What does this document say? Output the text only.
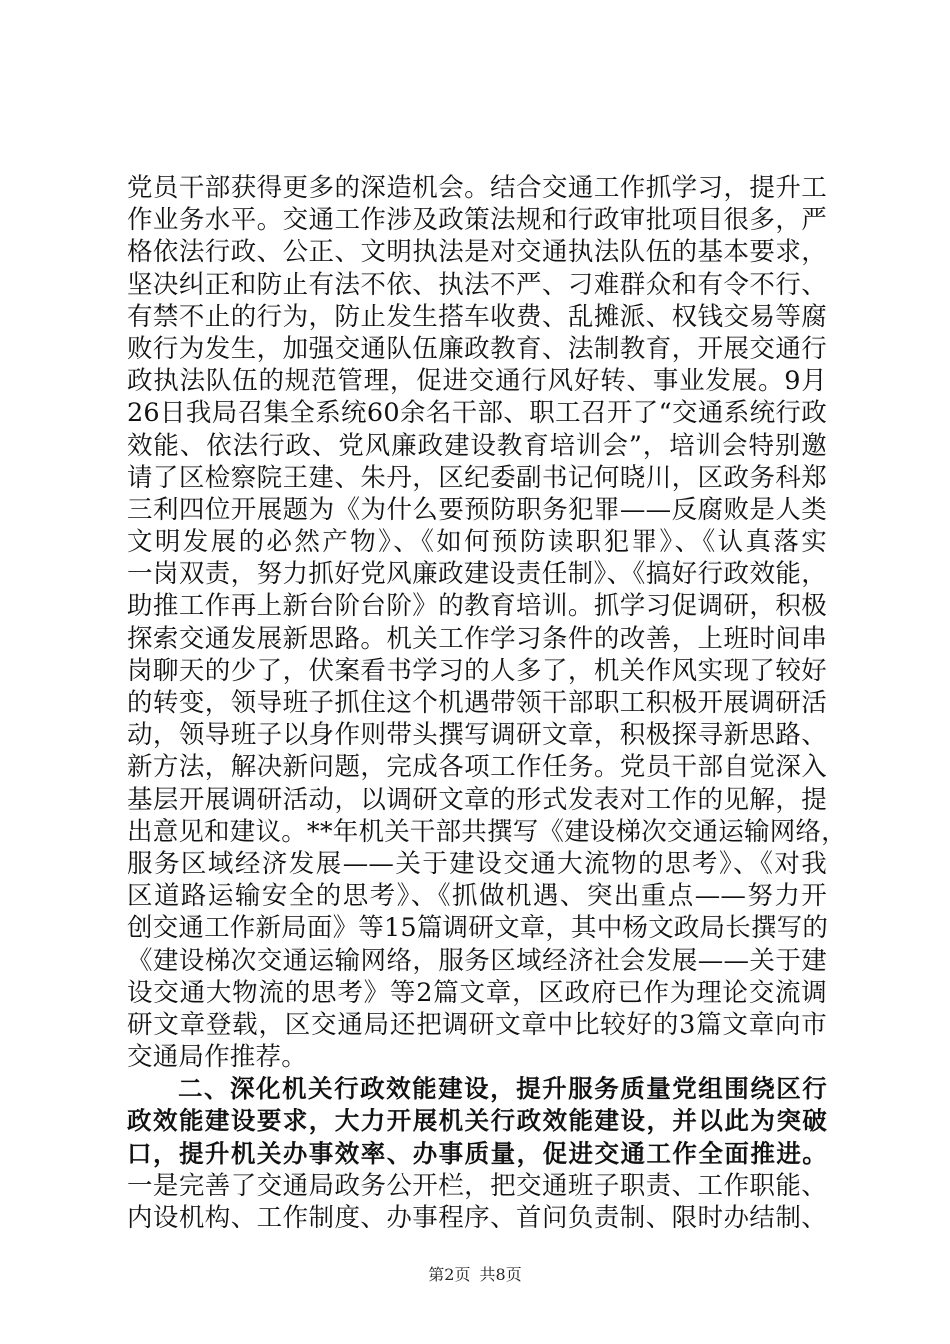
党员干部获得更多的深造机会。结合交通工作抓学习，提升工
作业务水平。交通工作涉及政策法规和行政审批项目很多，严
格依法行政、公正、文明执法是对交通执法队伍的基本要求，
坚决纠正和防止有法不依、执法不严、刁难群众和有令不行、
有禁不止的行为，防止发生搭车收费、乱摊派、权钱交易等腐
败行为发生，加强交通队伍廉政教育、法制教育，开展交通行
政执法队伍的规范管理，促进交通行风好转、事业发展。9月
26日我局召集全系统60余名干部、职工召开了“交通系统行政
效能、依法行政、党风廉政建设教育培训会”，培训会特别邀
请了区检察院王建、朱丹，区纪委副书记何晓川，区政务科郑
三利四位开展题为《为什么要预防职务犯罪——反腐败是人类
文明发展的必然产物》、《如何预防读职犯罪》、《认真落实
一岗双责，努力抓好党风廉政建设责任制》、《搞好行政效能，
助推工作再上新台阶台阶》的教育培训。抓学习促调研，积极
探索交通发展新思路。机关工作学习条件的改善，上班时间串
岗聊天的少了，伏案看书学习的人多了，机关作风实现了较好
的转变，领导班子抓住这个机遇带领干部职工积极开展调研活
动，领导班子以身作则带头撰写调研文章，积极探寻新思路、
新方法，解决新问题，完成各项工作任务。党员干部自觉深入
基层开展调研活动，以调研文章的形式发表对工作的见解，提
出意见和建议。**年机关干部共撰写《建设梯次交通运输网络，
服务区域经济发展——关于建设交通大流物的思考》、《对我
区道路运输安全的思考》、《抓做机遇、突出重点——努力开
创交通工作新局面》等15篇调研文章，其中杨文政局长撰写的
《建设梯次交通运输网络，服务区域经济社会发展——关于建
设交通大物流的思考》等2篇文章，区政府已作为理论交流调
研文章登载，区交通局还把调研文章中比较好的3篇文章向市
交通局作推荐。
二、深化机关行政效能建设，提升服务质量党组围绕区行
政效能建设要求，大力开展机关行政效能建设，并以此为突破
口，提升机关办事效率、办事质量，促进交通工作全面推进。
一是完善了交通局政务公开栏，把交通班子职责、工作职能、
内设机构、工作制度、办事程序、首问负责制、限时办结制、
第2页 共8页
